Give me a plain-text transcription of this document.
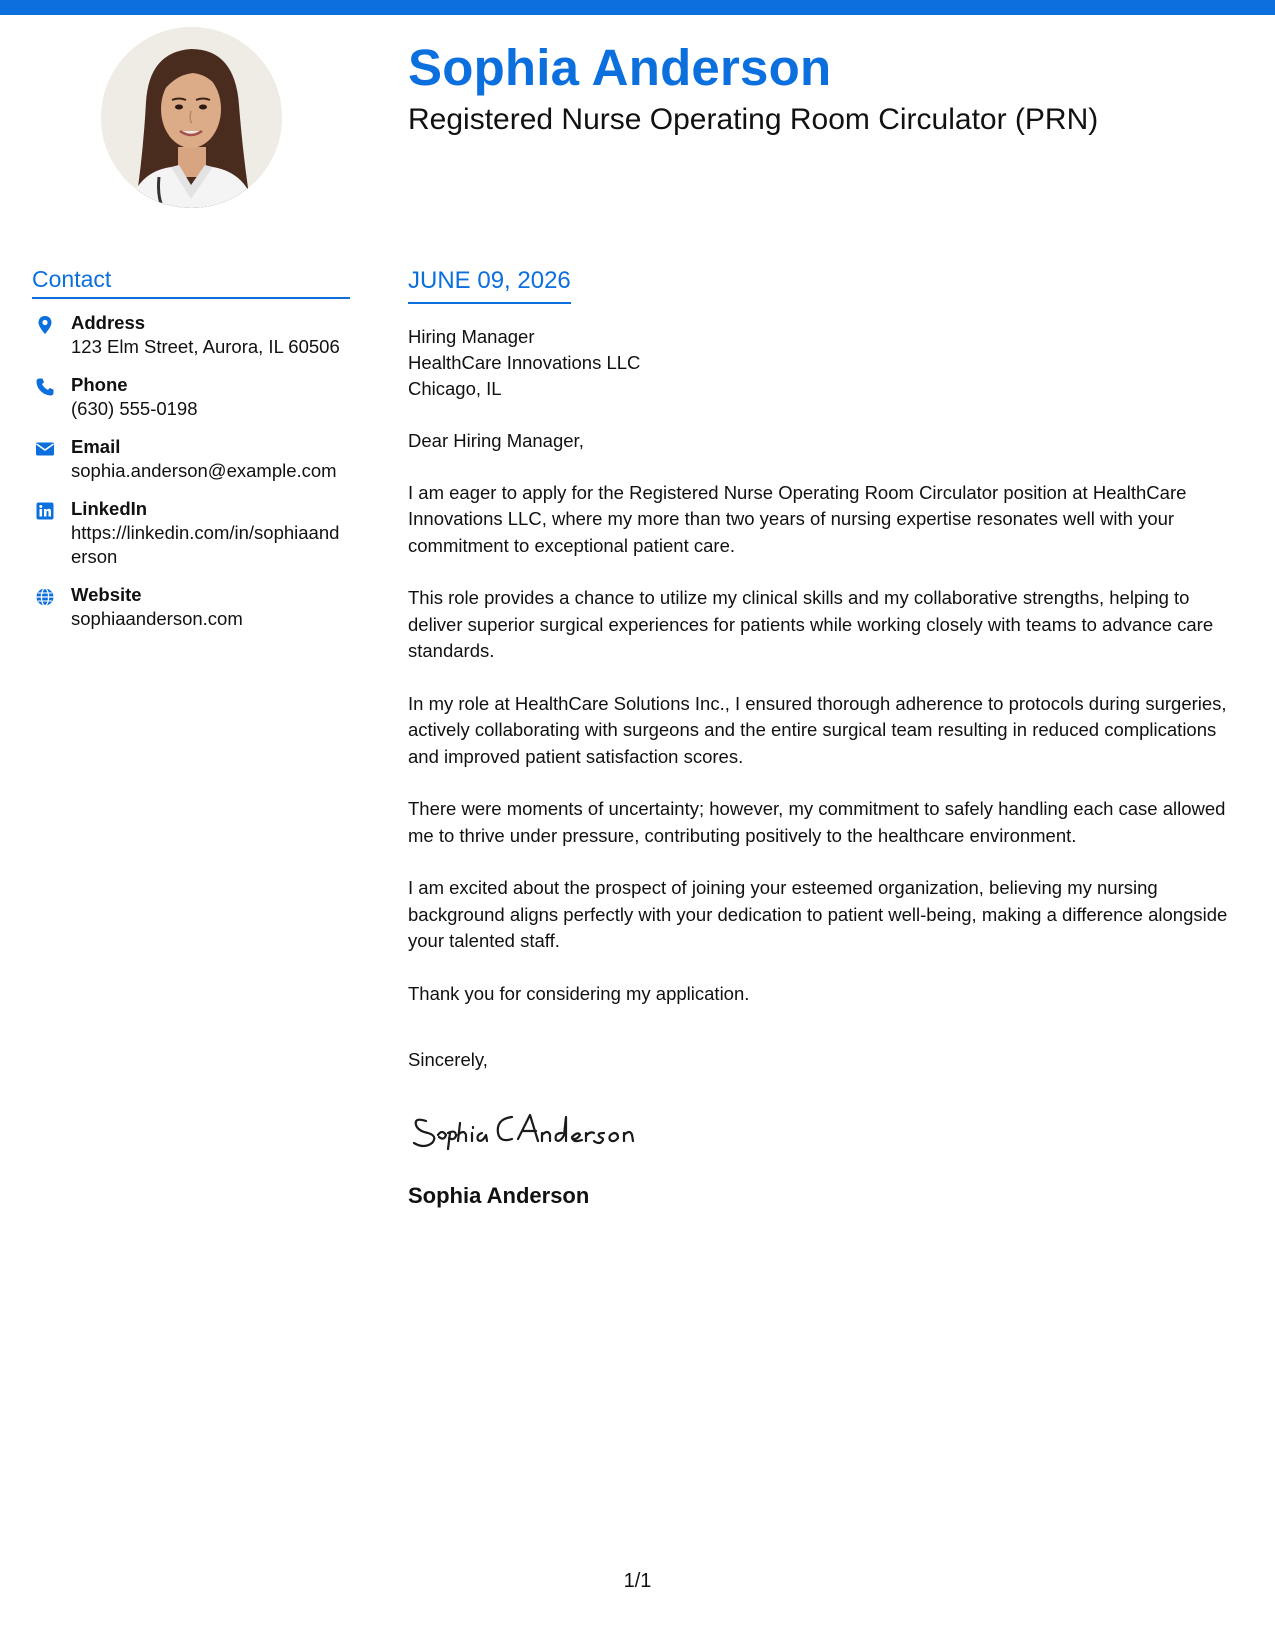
Sophia Anderson
Registered Nurse Operating Room Circulator (PRN)
Contact
Address
123 Elm Street, Aurora, IL 60506
Phone
(630) 555-0198
Email
sophia.anderson@example.com
LinkedIn
https://linkedin.com/in/sophiaanderson
Website
sophiaanderson.com
JUNE 09, 2026
Hiring Manager
HealthCare Innovations LLC
Chicago, IL
Dear Hiring Manager,
I am eager to apply for the Registered Nurse Operating Room Circulator position at HealthCare Innovations LLC, where my more than two years of nursing expertise resonates well with your commitment to exceptional patient care.
This role provides a chance to utilize my clinical skills and my collaborative strengths, helping to deliver superior surgical experiences for patients while working closely with teams to advance care standards.
In my role at HealthCare Solutions Inc., I ensured thorough adherence to protocols during surgeries, actively collaborating with surgeons and the entire surgical team resulting in reduced complications and improved patient satisfaction scores.
There were moments of uncertainty; however, my commitment to safely handling each case allowed me to thrive under pressure, contributing positively to the healthcare environment.
I am excited about the prospect of joining your esteemed organization, believing my nursing background aligns perfectly with your dedication to patient well-being, making a difference alongside your talented staff.
Thank you for considering my application.
Sincerely,
Sophia Anderson
1/1
